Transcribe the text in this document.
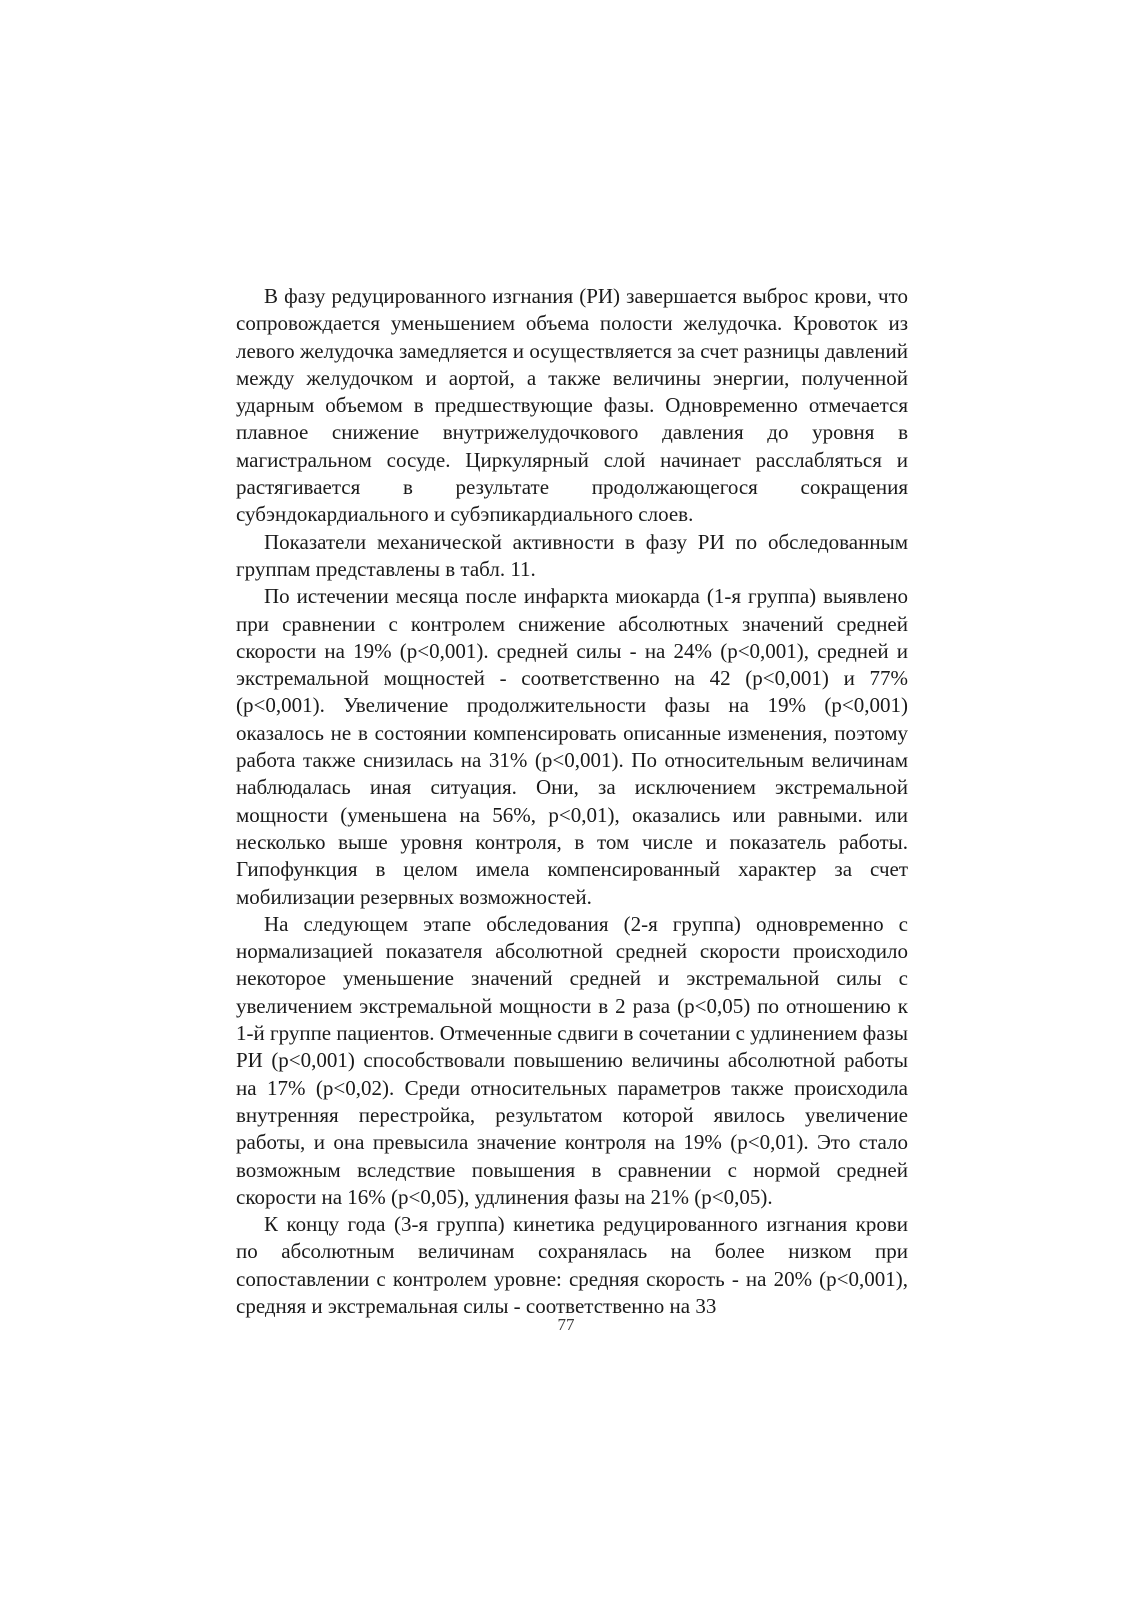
В фазу редуцированного изгнания (РИ) завершается выброс крови, что сопровождается уменьшением объема полости желудочка. Кровоток из левого желудочка замедляется и осуществляется за счет разницы давлений между желудочком и аортой, а также величины энергии, полученной ударным объемом в предшествующие фазы. Одновременно отмечается плавное снижение внутрижелудочкового давления до уровня в магистральном сосуде. Циркулярный слой начинает расслабляться и растягивается в результате продолжающегося сокращения субэндокардиального и субэпикардиального слоев.

Показатели механической активности в фазу РИ по обследованным группам представлены в табл. 11.

По истечении месяца после инфаркта миокарда (1-я группа) выявлено при сравнении с контролем снижение абсолютных значений средней скорости на 19% (р<0,001). средней силы - на 24% (р<0,001), средней и экстремальной мощностей - соответственно на 42 (р<0,001) и 77% (р<0,001). Увеличение продолжительности фазы на 19% (р<0,001) оказалось не в состоянии компенсировать описанные изменения, поэтому работа также снизилась на 31% (р<0,001). По относительным величинам наблюдалась иная ситуация. Они, за исключением экстремальной мощности (уменьшена на 56%, р<0,01), оказались или равными. или несколько выше уровня контроля, в том числе и показатель работы. Гипофункция в целом имела компенсированный характер за счет мобилизации резервных возможностей.

На следующем этапе обследования (2-я группа) одновременно с нормализацией показателя абсолютной средней скорости происходило некоторое уменьшение значений средней и экстремальной силы с увеличением экстремальной мощности в 2 раза (р<0,05) по отношению к 1-й группе пациентов. Отмеченные сдвиги в сочетании с удлинением фазы РИ (р<0,001) способствовали повышению величины абсолютной работы на 17% (р<0,02). Среди относительных параметров также происходила внутренняя перестройка, результатом которой явилось увеличение работы, и она превысила значение контроля на 19% (р<0,01). Это стало возможным вследствие повышения в сравнении с нормой средней скорости на 16% (р<0,05), удлинения фазы на 21% (р<0,05).

К концу года (3-я группа) кинетика редуцированного изгнания крови по абсолютным величинам сохранялась на более низком при сопоставлении с контролем уровне: средняя скорость - на 20% (р<0,001), средняя и экстремальная силы - соответственно на 33

77
